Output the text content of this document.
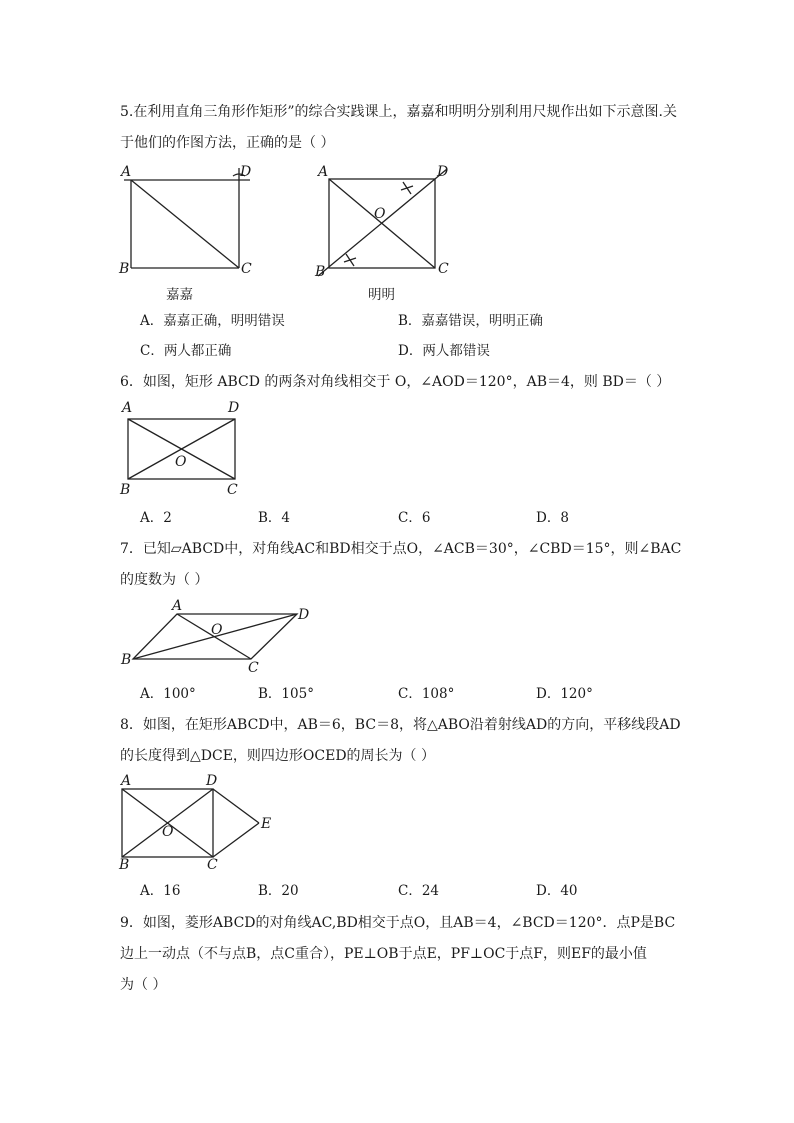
5.在利用直角三角形作矩形”的综合实践课上，嘉嘉和明明分别利用尺规作出如下示意图.关
于他们的作图方法，正确的是（ ）
A	D
B	C
A	D
O
B	C
嘉嘉	明明
A．嘉嘉正确，明明错误	B．嘉嘉错误，明明正确
C．两人都正确	D．两人都错误
6．如图，矩形 ABCD 的两条对角线相交于 O，∠AOD＝120°，AB＝4，则 BD＝（ ）
A	D
O
B	C
A．2	B．4	C．6	D．8
7．已知▱ABCD中，对角线AC和BD相交于点O，∠ACB＝30°，∠CBD＝15°，则∠BAC
的度数为（ ）
A
D
O
B	C
A．100°	B．105°	C．108°	D．120°
8．如图，在矩形ABCD中，AB＝6，BC＝8，将△ABO沿着射线AD的方向，平移线段AD
的长度得到△DCE，则四边形OCED的周长为（ ）
A	D
E
O
B	C
A．16	B．20	C．24	D．40
9．如图，菱形ABCD的对角线AC,BD相交于点O，且AB＝4，∠BCD＝120°．点P是BC
边上一动点（不与点B，点C重合），PE⊥OB于点E，PF⊥OC于点F，则EF的最小值
为（ ）
